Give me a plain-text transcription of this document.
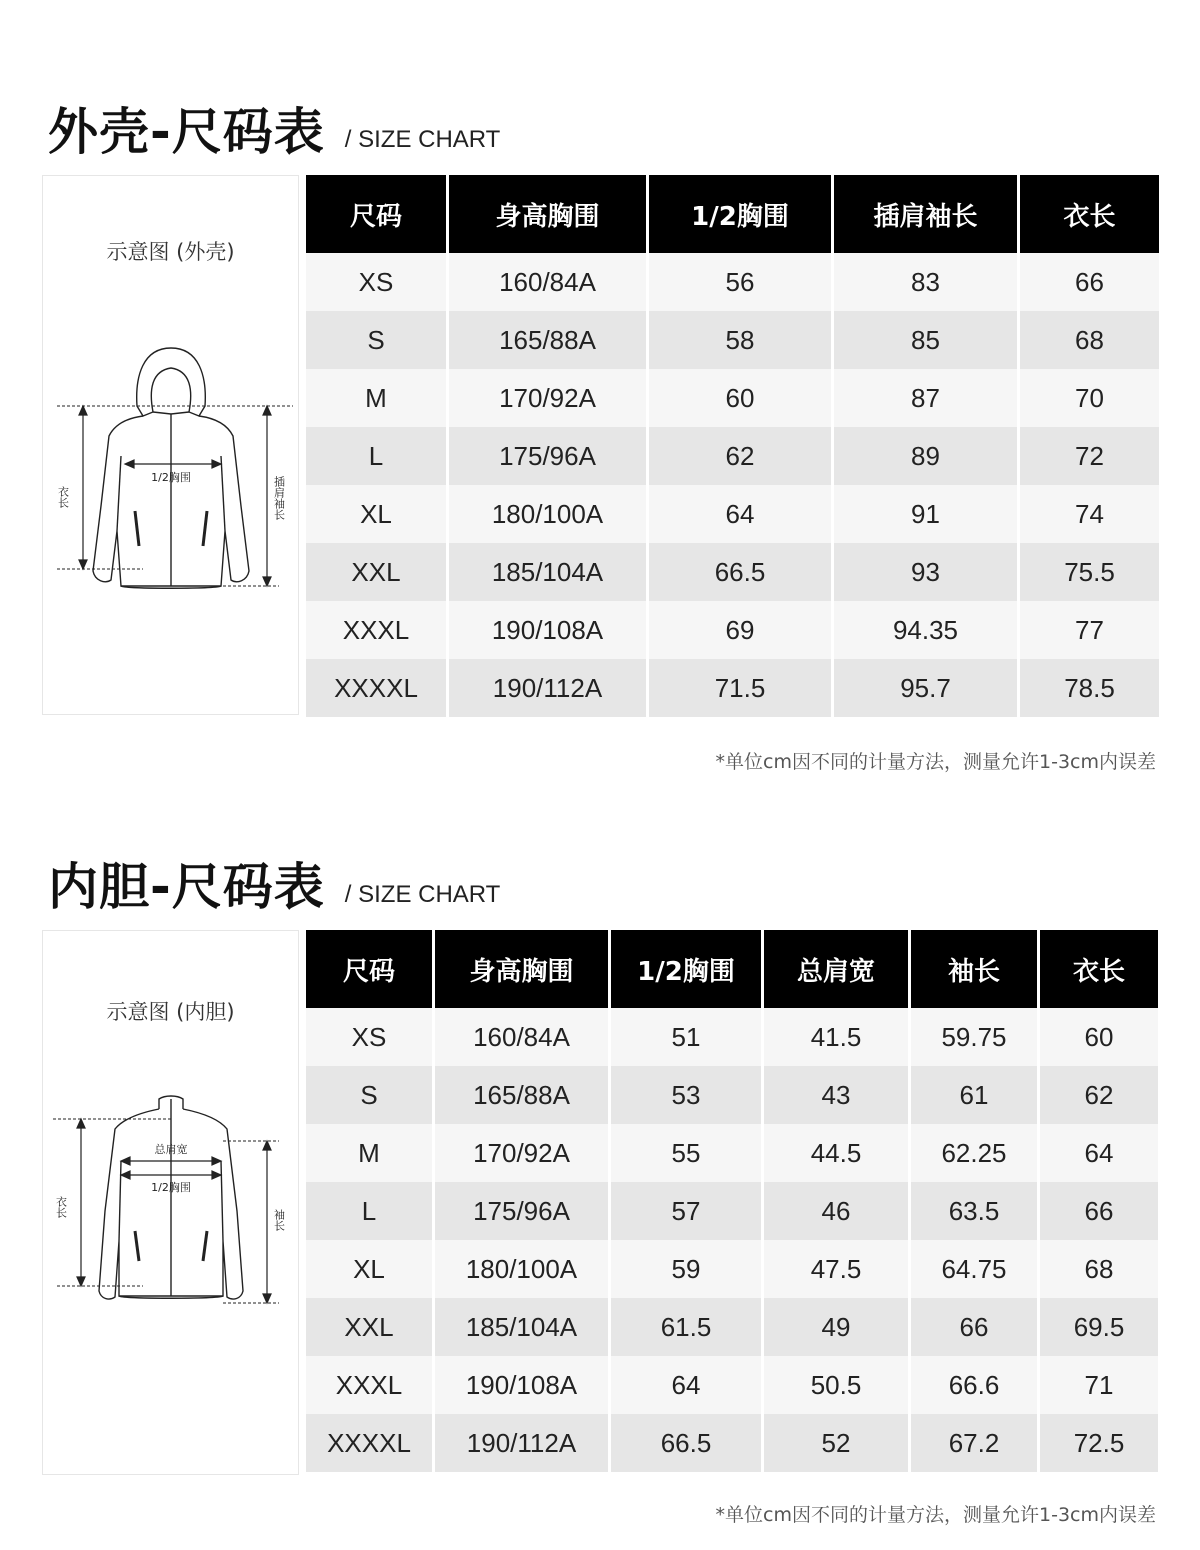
外壳-尺码表 / SIZE CHART
示意图 (外壳)
1/2胸围
衣长	插肩袖长
尺码	身高胸围	1/2胸围	插肩袖长	衣长
XS	160/84A	56	83	66
S	165/88A	58	85	68
M	170/92A	60	87	70
L	175/96A	62	89	72
XL	180/100A	64	91	74
XXL	185/104A	66.5	93	75.5
XXXL	190/108A	69	94.35	77
XXXXL	190/112A	71.5	95.7	78.5
*单位cm因不同的计量方法，测量允许1-3cm内误差
内胆-尺码表 / SIZE CHART
示意图 (内胆)
总肩宽
1/2胸围
衣长
袖长
尺码	身高胸围	1/2胸围	总肩宽	袖长	衣长
XS	160/84A	51	41.5	59.75	60
S	165/88A	53	43	61	62
M	170/92A	55	44.5	62.25	64
L	175/96A	57	46	63.5	66
XL	180/100A	59	47.5	64.75	68
XXL	185/104A	61.5	49	66	69.5
XXXL	190/108A	64	50.5	66.6	71
XXXXL	190/112A	66.5	52	67.2	72.5
*单位cm因不同的计量方法，测量允许1-3cm内误差
